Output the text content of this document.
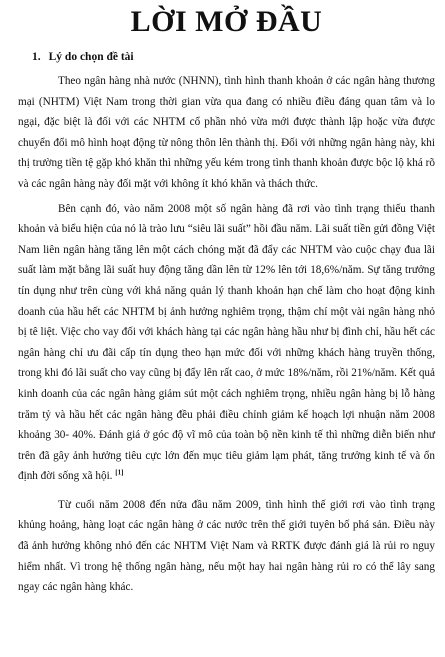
LỜI MỞ ĐẦU
1. Lý do chọn đề tài

Theo ngân hàng nhà nước (NHNN), tình hình thanh khoản ở các ngân hàng thương mại (NHTM) Việt Nam trong thời gian vừa qua đang có nhiều điều đáng quan tâm và lo ngại, đặc biệt là đối với các NHTM cổ phần nhỏ vừa mới được thành lập hoặc vừa được chuyển đổi mô hình hoạt động từ nông thôn lên thành thị. Đối với những ngân hàng này, khi thị trường tiền tệ gặp khó khăn thì những yếu kém trong tình thanh khoản được bộc lộ khá rõ và các ngân hàng này đối mặt với không ít khó khăn và thách thức.

Bên cạnh đó, vào năm 2008 một số ngân hàng đã rơi vào tình trạng thiếu thanh khoản và biểu hiện của nó là trào lưu “siêu lãi suất” hồi đầu năm. Lãi suất tiền gửi đồng Việt Nam liên ngân hàng tăng lên một cách chóng mặt đã đẩy các NHTM vào cuộc chạy đua lãi suất làm mặt bằng lãi suất huy động tăng dần lên từ 12% lên tới 18,6%/năm. Sự tăng trưởng tín dụng như trên cùng với khả năng quản lý thanh khoản hạn chế làm cho hoạt động kinh doanh của hầu hết các NHTM bị ảnh hưởng nghiêm trọng, thậm chí một vài ngân hàng nhỏ bị tê liệt. Việc cho vay đối với khách hàng tại các ngân hàng hầu như bị đình chỉ, hầu hết các ngân hàng chỉ ưu đãi cấp tín dụng theo hạn mức đối với những khách hàng truyền thống, trong khi đó lãi suất cho vay cũng bị đẩy lên rất cao, ở mức 18%/năm, rồi 21%/năm. Kết quả kinh doanh của các ngân hàng giảm sút một cách nghiêm trọng, nhiều ngân hàng bị lỗ hàng trăm tỷ và hầu hết các ngân hàng đều phải điều chỉnh giảm kế hoạch lợi nhuận năm 2008 khoảng 30- 40%. Đánh giá ở góc độ vĩ mô của toàn bộ nền kinh tế thì những diễn biến như trên đã gây ảnh hưởng tiêu cực lớn đến mục tiêu giảm lạm phát, tăng trưởng kinh tế và ổn định đời sống xã hội. [1]

Từ cuối năm 2008 đến nửa đầu năm 2009, tình hình thế giới rơi vào tình trạng khủng hoảng, hàng loạt các ngân hàng ở các nước trên thế giới tuyên bố phá sản. Điều này đã ảnh hưởng không nhỏ đến các NHTM Việt Nam và RRTK được đánh giá là rủi ro nguy hiểm nhất. Vì trong hệ thống ngân hàng, nếu một hay hai ngân hàng rủi ro có thể lây sang ngay các ngân hàng khác.
